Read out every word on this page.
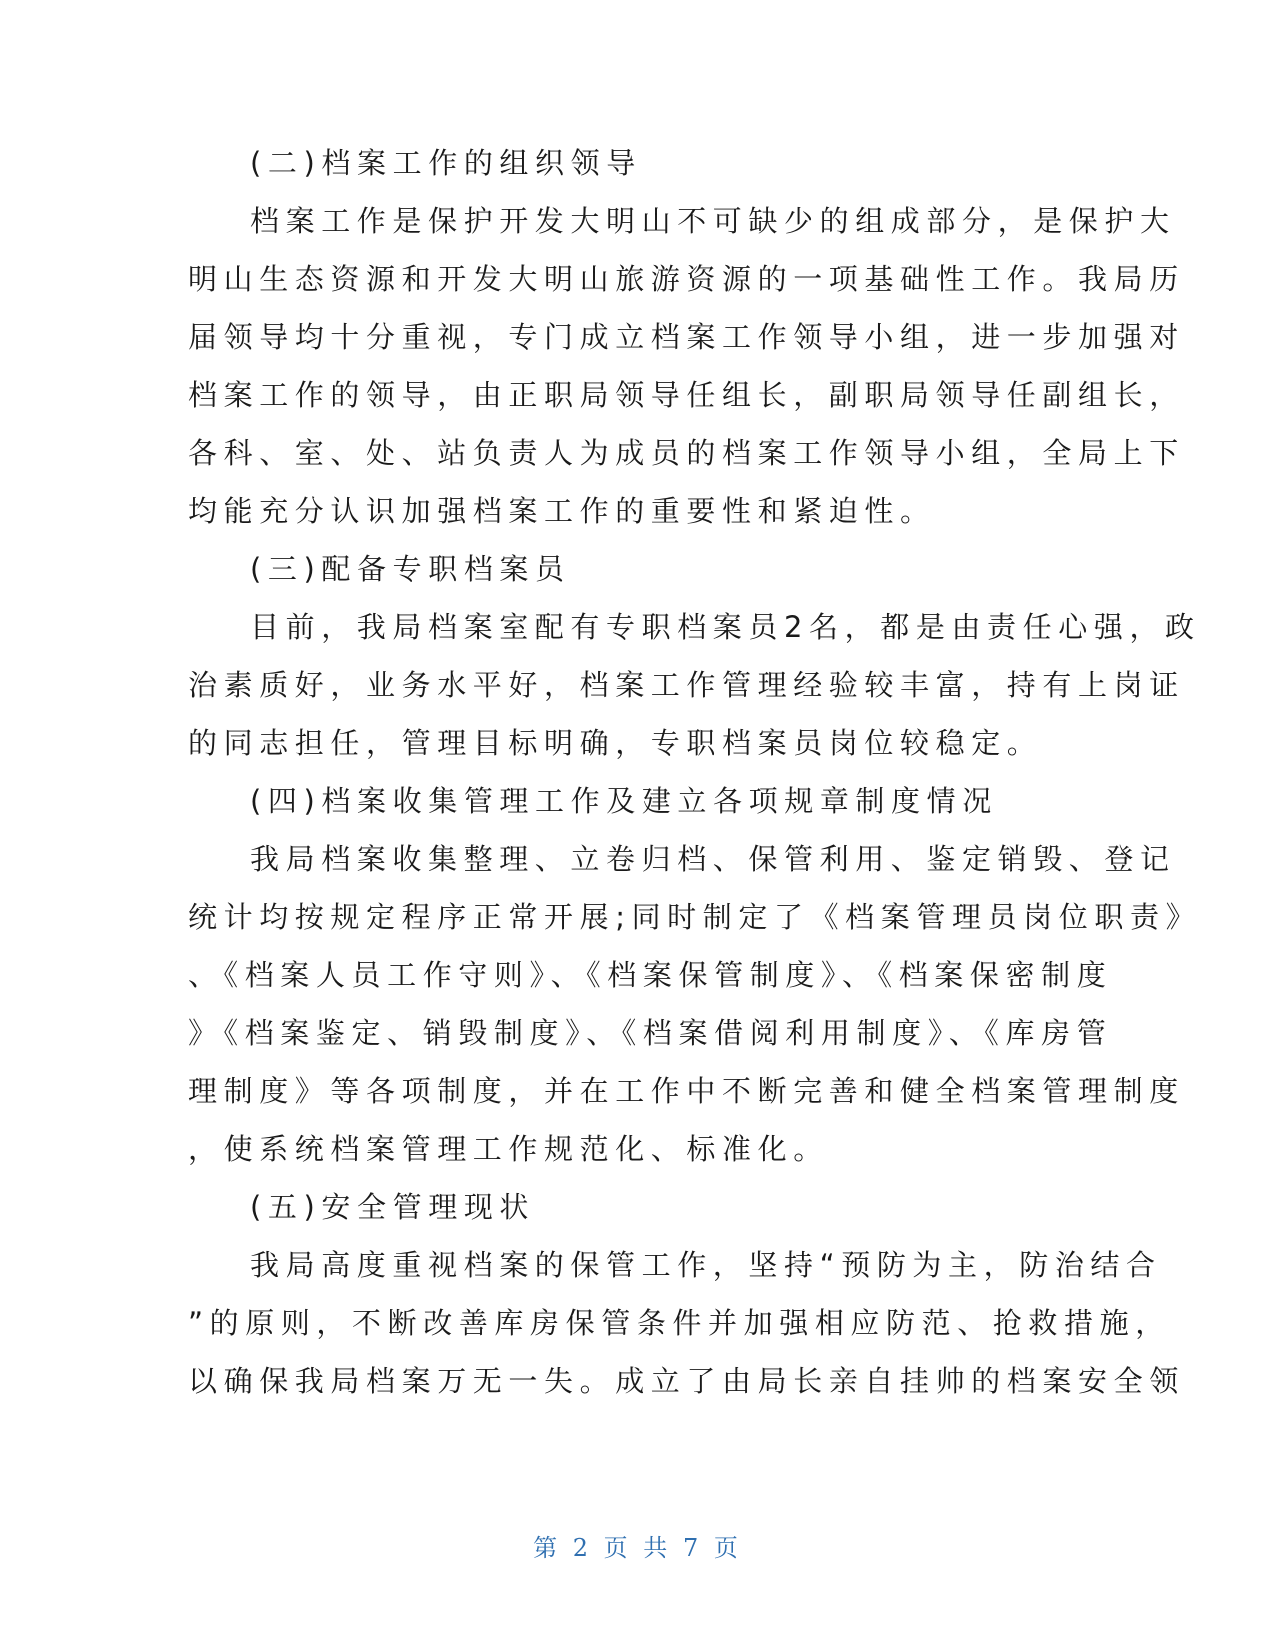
(二)档案工作的组织领导
档案工作是保护开发大明山不可缺少的组成部分，是保护大
明山生态资源和开发大明山旅游资源的一项基础性工作。我局历
届领导均十分重视，专门成立档案工作领导小组，进一步加强对
档案工作的领导，由正职局领导任组长，副职局领导任副组长，
各科、室、处、站负责人为成员的档案工作领导小组，全局上下
均能充分认识加强档案工作的重要性和紧迫性。
(三)配备专职档案员
目前，我局档案室配有专职档案员2名，都是由责任心强，政
治素质好，业务水平好，档案工作管理经验较丰富，持有上岗证
的同志担任，管理目标明确，专职档案员岗位较稳定。
(四)档案收集管理工作及建立各项规章制度情况
我局档案收集整理、立卷归档、保管利用、鉴定销毁、登记
统计均按规定程序正常开展;同时制定了《档案管理员岗位职责》
、《档案人员工作守则》、《档案保管制度》、《档案保密制度
》《档案鉴定、销毁制度》、《档案借阅利用制度》、《库房管
理制度》等各项制度，并在工作中不断完善和健全档案管理制度
，使系统档案管理工作规范化、标准化。
(五)安全管理现状
我局高度重视档案的保管工作，坚持“预防为主，防治结合
”的原则，不断改善库房保管条件并加强相应防范、抢救措施，
以确保我局档案万无一失。成立了由局长亲自挂帅的档案安全领
第 2 页 共 7 页
